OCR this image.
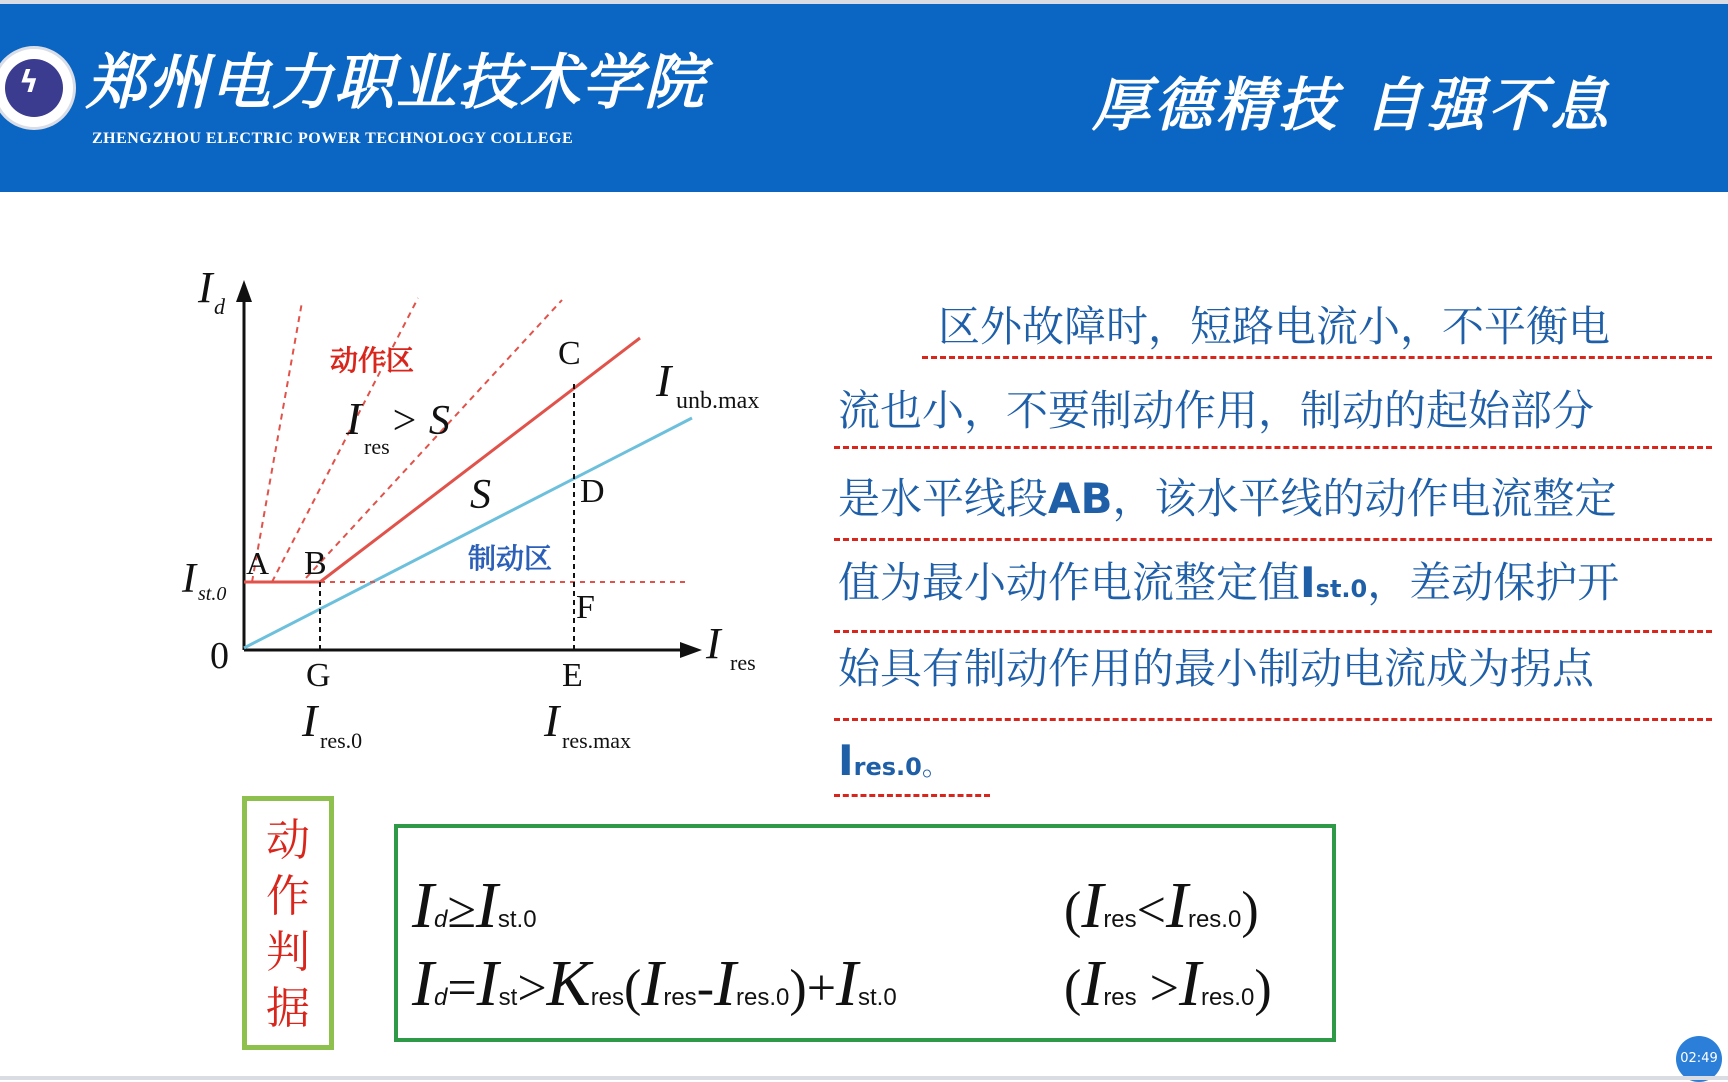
ϟ 郑州电力职业技术学院
ZHENGZHOU ELECTRIC POWER TECHNOLOGY COLLEGE	厚德精技 自强不息
I d
I res
0
I st.0
A B
C
D
F
G	E
动作区
制动区
I
res
> S
S
I unb.max
I res.0	I res.max
区外故障时，短路电流小，不平衡电
流也小，不要制动作用，制动的起始部分
是水平线段AB，该水平线的动作电流整定
值为最小动作电流整定值Ist.0，差动保护开
始具有制动作用的最小制动电流成为拐点
Ires.0。
动作判据
Id≥Ist.0	(Ires<Ires.0)
Id=Ist>Kres(Ires-Ires.0)+Ist.0	(Ires >Ires.0)
02:49
